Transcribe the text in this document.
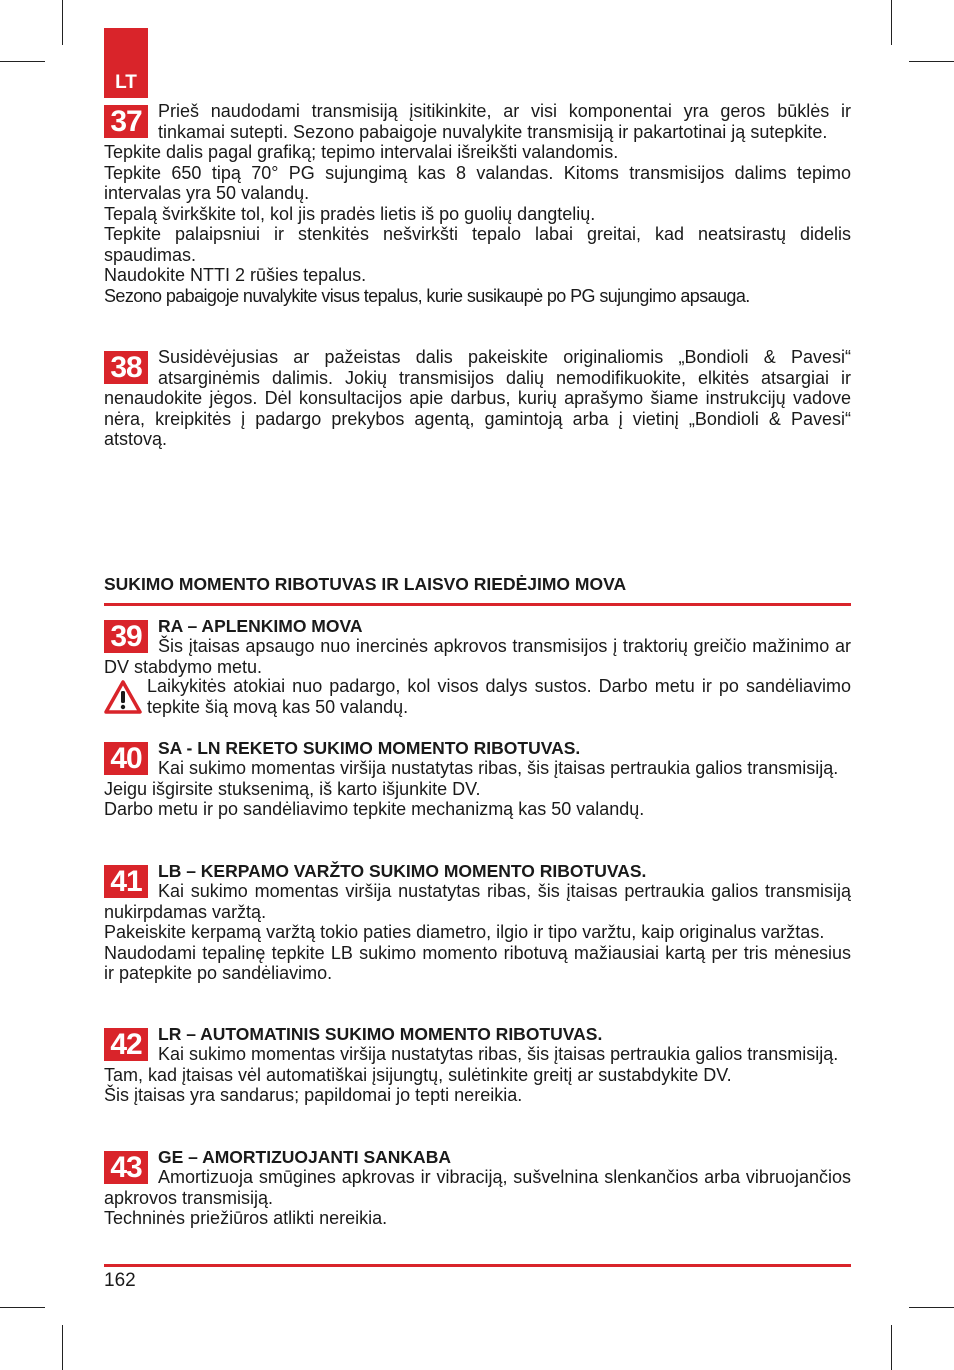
LT
37 Prieš naudodami transmisiją įsitikinkite, ar visi komponentai yra geros būklės ir tinkamai sutepti. Sezono pabaigoje nuvalykite transmisiją ir pakartotinai ją sutepkite.

Tepkite dalis pagal grafiką; tepimo intervalai išreikšti valandomis.

Tepkite 650 tipą 70° PG sujungimą kas 8 valandas. Kitoms transmisijos dalims tepimo intervalas yra 50 valandų.

Tepalą švirkškite tol, kol jis pradės lietis iš po guolių dangtelių.

Tepkite palaipsniui ir stenkitės nešvirkšti tepalo labai greitai, kad neatsirastų didelis spaudimas.

Naudokite NTTI 2 rūšies tepalus.

Sezono pabaigoje nuvalykite visus tepalus, kurie susikaupė po PG sujungimo apsauga.

38 Susidėvėjusias ar pažeistas dalis pakeiskite originaliomis „Bondioli & Pavesi“ atsarginėmis dalimis. Jokių transmisijos dalių nemodifikuokite, elkitės atsargiai ir nenaudokite jėgos. Dėl konsultacijos apie darbus, kurių aprašymo šiame instrukcijų vadove nėra, kreipkitės į padargo prekybos agentą, gamintoją arba į vietinį „Bondioli & Pavesi“ atstovą.

SUKIMO MOMENTO RIBOTUVAS IR LAISVO RIEDĖJIMO MOVA
39 RA – APLENKIMO MOVA

Šis įtaisas apsaugo nuo inercinės apkrovos transmisijos į traktorių greičio mažinimo ar DV stabdymo metu.

Laikykitės atokiai nuo padargo, kol visos dalys sustos. Darbo metu ir po sandėliavimo tepkite šią movą kas 50 valandų.

40 SA - LN REKETO SUKIMO MOMENTO RIBOTUVAS.

Kai sukimo momentas viršija nustatytas ribas, šis įtaisas pertraukia galios transmisiją.

Jeigu išgirsite stuksenimą, iš karto išjunkite DV.

Darbo metu ir po sandėliavimo tepkite mechanizmą kas 50 valandų.

41 LB – KERPAMO VARŽTO SUKIMO MOMENTO RIBOTUVAS.

Kai sukimo momentas viršija nustatytas ribas, šis įtaisas pertraukia galios transmisiją nukirpdamas varžtą.

Pakeiskite kerpamą varžtą tokio paties diametro, ilgio ir tipo varžtu, kaip originalus varžtas.

Naudodami tepalinę tepkite LB sukimo momento ribotuvą mažiausiai kartą per tris mėnesius ir patepkite po sandėliavimo.

42 LR – AUTOMATINIS SUKIMO MOMENTO RIBOTUVAS.

Kai sukimo momentas viršija nustatytas ribas, šis įtaisas pertraukia galios transmisiją.

Tam, kad įtaisas vėl automatiškai įsijungtų, sulėtinkite greitį ar sustabdykite DV.

Šis įtaisas yra sandarus; papildomai jo tepti nereikia.

43 GE – AMORTIZUOJANTI SANKABA

Amortizuoja smūgines apkrovas ir vibraciją, sušvelnina slenkančios arba vibruojančios apkrovos transmisiją.

Techninės priežiūros atlikti nereikia.

162
